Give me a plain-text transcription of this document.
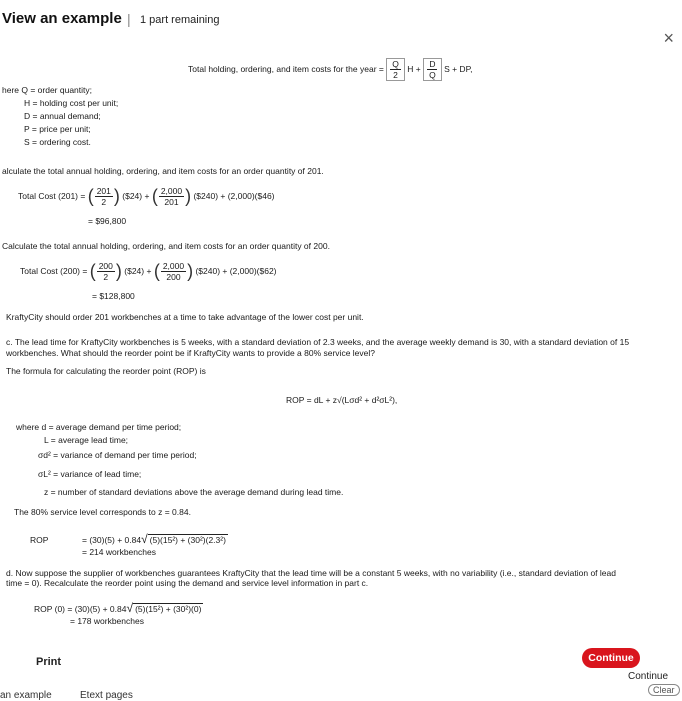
View an example | 1 part remaining
×
Total holding, ordering, and item costs for the year = $\frac{Q}{2}$ $H + \frac{D}{Q}$ S + DP,
here Q = order quantity;
H = holding cost per unit;
D = annual demand;
P = price per unit;
S = ordering cost.
alculate the total annual holding, ordering, and item costs for an order quantity of 201.
Total Cost (201) = ( $\frac{201}{2}$ ) ($24) + ( $\frac{2,000}{201}$ ) ($240) + (2,000)($46)
= $96,800
Calculate the total annual holding, ordering, and item costs for an order quantity of 200.
Total Cost (200) = ( $\frac{200}{2}$ ) ($24) + ( $\frac{2,000}{200}$ ) ($240) + (2,000)($62)
= $128,800
KraftyCity should order 201 workbenches at a time to take advantage of the lower cost per unit.
c. The lead time for KraftyCity workbenches is 5 weeks, with a standard deviation of 2.3 weeks, and the average weekly demand is 30, with a standard deviation of 15
workbenches. What should the reorder point be if KraftyCity wants to provide a 80% service level?
The formula for calculating the reorder point (ROP) is
ROP = dL + z√(Lσd² + d²σL²),
where d = average demand per time period;
L = average lead time;
σd² = variance of demand per time period;
σL² = variance of lead time;
z = number of standard deviations above the average demand during lead time.
The 80% service level corresponds to z = 0.84.
ROP	= (30)(5) + 0.84√ (5)(15²) + (30²)(2.3²)
= 214 workbenches
d. Now suppose the supplier of workbenches guarantees KraftyCity that the lead time will be a constant 5 weeks, with no variability (i.e., standard deviation of lead
time = 0). Recalculate the reorder point using the demand and service level information in part c.
ROP (0) = (30)(5) + 0.84√ (5)(15²) + (30²)(0)
= 178 workbenches
Print	Continue
Continue
Clear
an example	Etext pages
